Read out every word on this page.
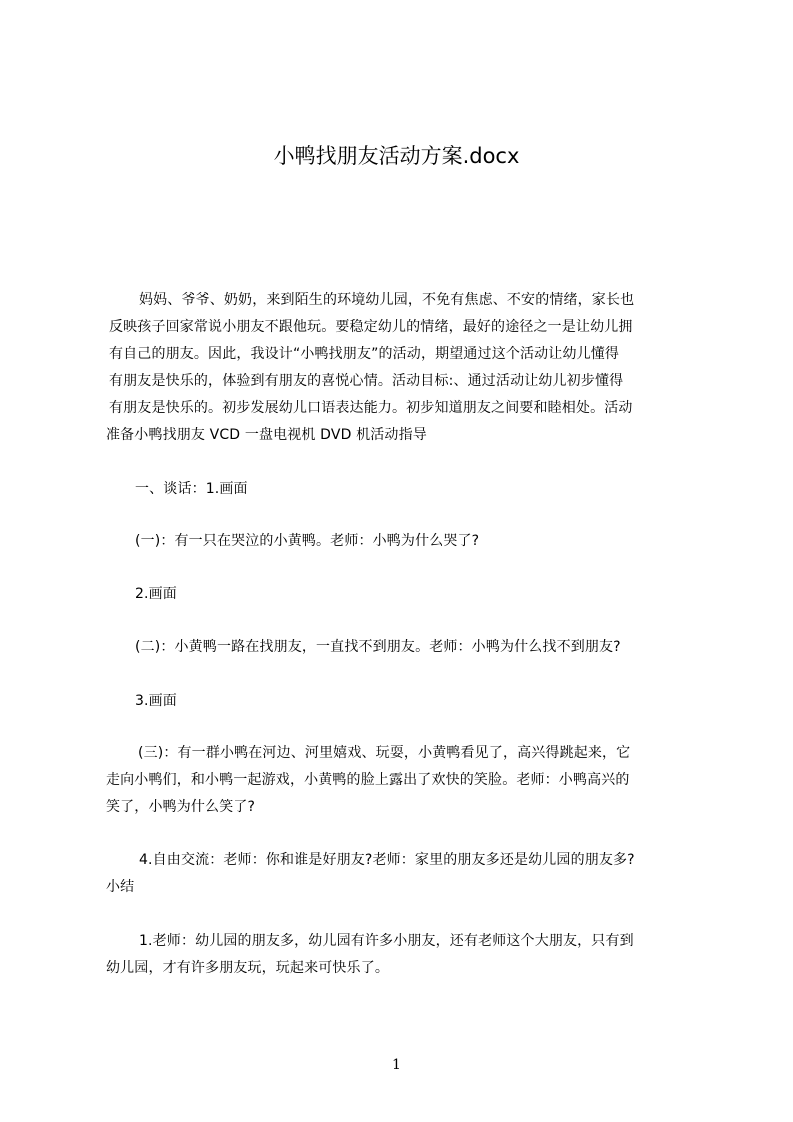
小鸭找朋友活动方案.docx
妈妈、爷爷、奶奶，来到陌生的环境幼儿园，不免有焦虑、不安的情绪，家长也
反映孩子回家常说小朋友不跟他玩。要稳定幼儿的情绪，最好的途径之一是让幼儿拥
有自己的朋友。因此，我设计“小鸭找朋友”的活动，期望通过这个活动让幼儿懂得
有朋友是快乐的，体验到有朋友的喜悦心情。活动目标:、通过活动让幼儿初步懂得
有朋友是快乐的。初步发展幼儿口语表达能力。初步知道朋友之间要和睦相处。活动
准备小鸭找朋友 VCD 一盘电视机 DVD 机活动指导
一、谈话：1.画面
(一)：有一只在哭泣的小黄鸭。老师：小鸭为什么哭了?
2.画面
(二)：小黄鸭一路在找朋友，一直找不到朋友。老师：小鸭为什么找不到朋友?
3.画面
(三)：有一群小鸭在河边、河里嬉戏、玩耍，小黄鸭看见了，高兴得跳起来，它
走向小鸭们，和小鸭一起游戏，小黄鸭的脸上露出了欢快的笑脸。老师：小鸭高兴的
笑了，小鸭为什么笑了?
4.自由交流：老师：你和谁是好朋友?老师：家里的朋友多还是幼儿园的朋友多?
小结
1.老师：幼儿园的朋友多，幼儿园有许多小朋友，还有老师这个大朋友，只有到
幼儿园，才有许多朋友玩，玩起来可快乐了。
1
